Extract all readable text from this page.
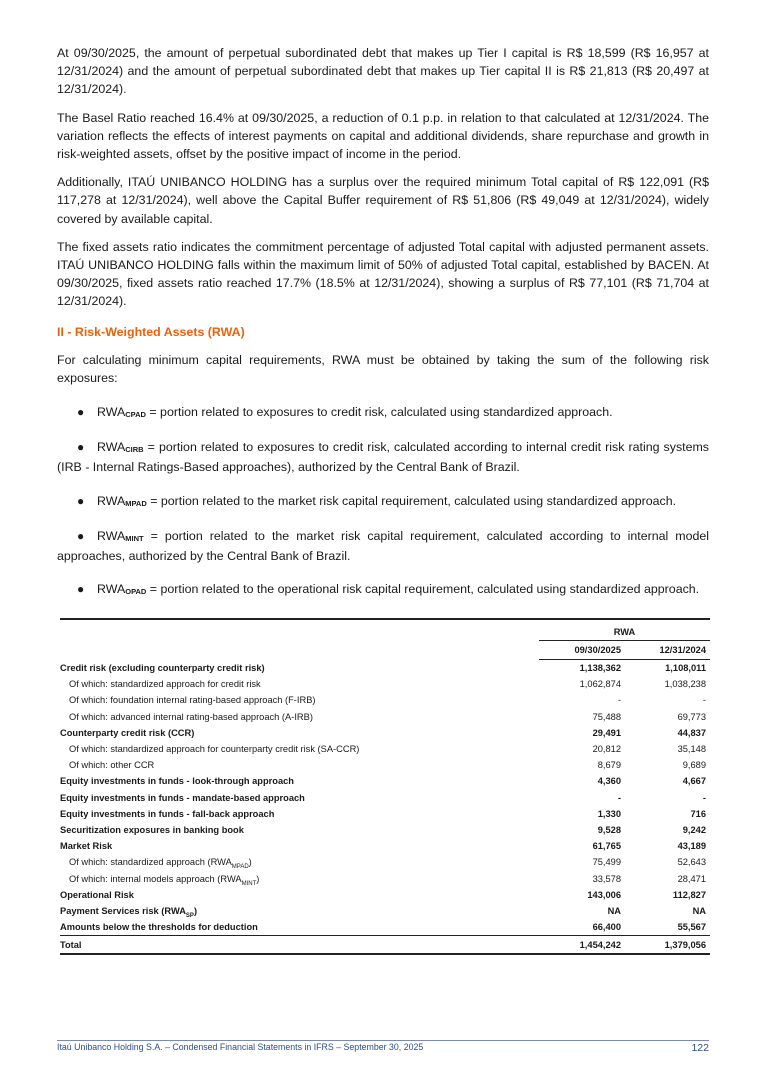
At 09/30/2025, the amount of perpetual subordinated debt that makes up Tier I capital is R$ 18,599 (R$ 16,957 at 12/31/2024) and the amount of perpetual subordinated debt that makes up Tier capital II is R$ 21,813 (R$ 20,497 at 12/31/2024).

The Basel Ratio reached 16.4% at 09/30/2025, a reduction of 0.1 p.p. in relation to that calculated at 12/31/2024. The variation reflects the effects of interest payments on capital and additional dividends, share repurchase and growth in risk-weighted assets, offset by the positive impact of income in the period.

Additionally, ITAÚ UNIBANCO HOLDING has a surplus over the required minimum Total capital of R$ 122,091 (R$ 117,278 at 12/31/2024), well above the Capital Buffer requirement of R$ 51,806 (R$ 49,049 at 12/31/2024), widely covered by available capital.

The fixed assets ratio indicates the commitment percentage of adjusted Total capital with adjusted permanent assets. ITAÚ UNIBANCO HOLDING falls within the maximum limit of 50% of adjusted Total capital, established by BACEN. At 09/30/2025, fixed assets ratio reached 17.7% (18.5% at 12/31/2024), showing a surplus of R$ 77,101 (R$ 71,704 at 12/31/2024).

II - Risk-Weighted Assets (RWA)

For calculating minimum capital requirements, RWA must be obtained by taking the sum of the following risk exposures:

● RWACPAD = portion related to exposures to credit risk, calculated using standardized approach.
● RWACIRB = portion related to exposures to credit risk, calculated according to internal credit risk rating systems (IRB - Internal Ratings-Based approaches), authorized by the Central Bank of Brazil.
● RWAMPAD = portion related to the market risk capital requirement, calculated using standardized approach.
● RWAMINT = portion related to the market risk capital requirement, calculated according to internal model approaches, authorized by the Central Bank of Brazil.
● RWAOPAD = portion related to the operational risk capital requirement, calculated using standardized approach.

	RWA	
	09/30/2025	12/31/2024
Credit risk (excluding counterparty credit risk)	1,138,362	1,108,011
Of which: standardized approach for credit risk	1,062,874	1,038,238
Of which: foundation internal rating-based approach (F-IRB)	-	-
Of which: advanced internal rating-based approach (A-IRB)	75,488	69,773
Counterparty credit risk (CCR)	29,491	44,837
Of which: standardized approach for counterparty credit risk (SA-CCR)	20,812	35,148
Of which: other CCR	8,679	9,689
Equity investments in funds - look-through approach	4,360	4,667
Equity investments in funds - mandate-based approach	-	-
Equity investments in funds - fall-back approach	1,330	716
Securitization exposures in banking book	9,528	9,242
Market Risk	61,765	43,189
Of which: standardized approach $(RWA_{MPAD})$	75,499	52,643
Of which: internal models approach $(RWA_{MINT})$	33,578	28,471
Operational Risk	143,006	112,827
Payment Services risk $(RWA_{SP})$	NA	NA
Amounts below the thresholds for deduction	66,400	55,567
Total	1,454,242	1,379,056
Itaú Unibanco Holding S.A. – Condensed Financial Statements in IFRS – September 30, 2025	122
